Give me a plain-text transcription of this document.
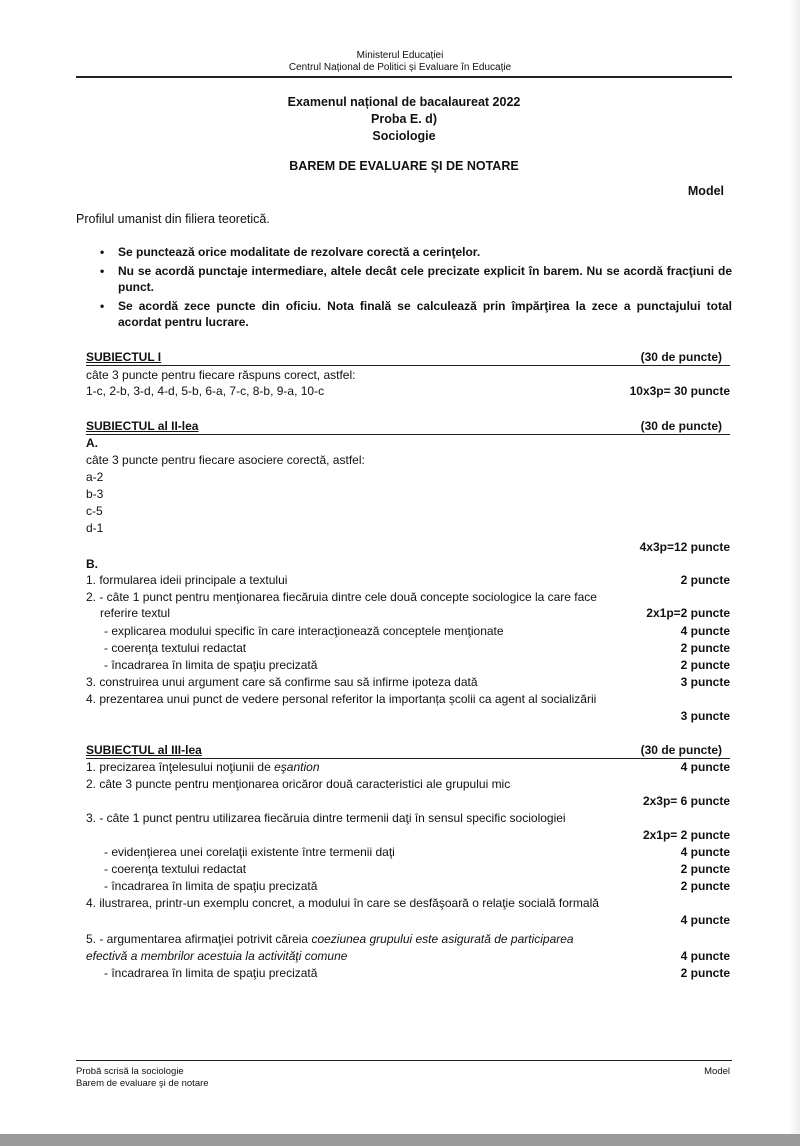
Ministerul Educației
Centrul Național de Politici și Evaluare în Educație
Examenul național de bacalaureat 2022
Proba E. d)
Sociologie
BAREM DE EVALUARE ŞI DE NOTARE
Model
Profilul umanist din filiera teoretică.
• Se punctează orice modalitate de rezolvare corectă a cerinţelor.
• Nu se acordă punctaje intermediare, altele decât cele precizate explicit în barem. Nu se acordă fracţiuni de punct.
• Se acordă zece puncte din oficiu. Nota finală se calculează prin împărţirea la zece a punctajului total acordat pentru lucrare.
SUBIECTUL I	(30 de puncte)
câte 3 puncte pentru fiecare răspuns corect, astfel:
1-c, 2-b, 3-d, 4-d, 5-b, 6-a, 7-c, 8-b, 9-a, 10-c	10x3p= 30 puncte
SUBIECTUL al II-lea	(30 de puncte)
A.
câte 3 puncte pentru fiecare asociere corectă, astfel:
a-2
b-3
c-5
d-1
4x3p=12 puncte
B.
1. formularea ideii principale a textului	2 puncte
2. - câte 1 punct pentru menţionarea fiecăruia dintre cele două concepte sociologice la care face
referire textul	2x1p=2 puncte
- explicarea modului specific în care interacţionează conceptele menţionate	4 puncte
- coerenţa textului redactat	2 puncte
- încadrarea în limita de spaţiu precizată	2 puncte
3. construirea unui argument care să confirme sau să infirme ipoteza dată	3 puncte
4. prezentarea unui punct de vedere personal referitor la importanța școlii ca agent al socializării
3 puncte
SUBIECTUL al III-lea	(30 de puncte)
1. precizarea înţelesului noţiunii de eşantion	4 puncte
2. câte 3 puncte pentru menţionarea oricăror două caracteristici ale grupului mic
2x3p= 6 puncte
3. - câte 1 punct pentru utilizarea fiecăruia dintre termenii daţi în sensul specific sociologiei
2x1p= 2 puncte
- evidenţierea unei corelaţii existente între termenii daţi	4 puncte
- coerenţa textului redactat	2 puncte
- încadrarea în limita de spaţiu precizată	2 puncte
4. ilustrarea, printr-un exemplu concret, a modului în care se desfăşoară o relaţie socială formală
4 puncte
5. - argumentarea afirmaţiei potrivit căreia coeziunea grupului este asigurată de participarea
efectivă a membrilor acestuia la activităţi comune	4 puncte
- încadrarea în limita de spaţiu precizată	2 puncte
Probă scrisă la sociologie
Barem de evaluare şi de notare
Model
